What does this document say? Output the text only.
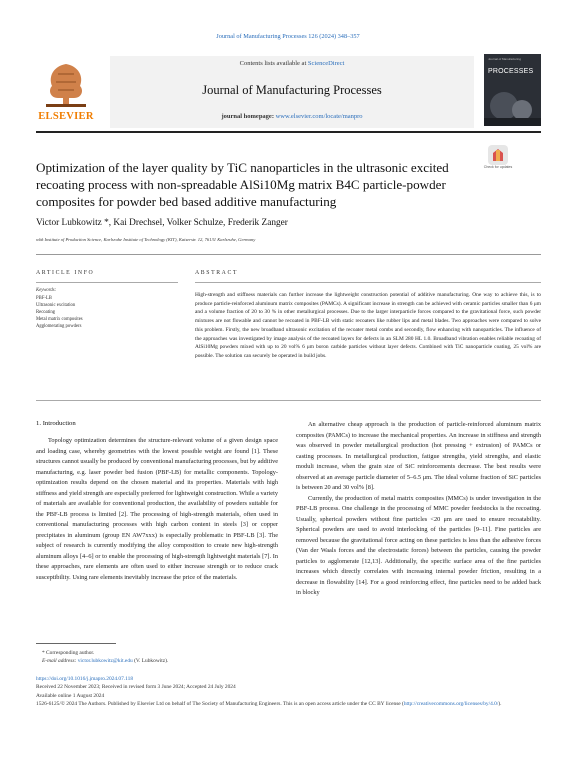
Journal of Manufacturing Processes 126 (2024) 348–357
ELSEVIER
Contents lists available at ScienceDirect
Journal of Manufacturing Processes
journal homepage: www.elsevier.com/locate/manpro
Journal of Manufacturing
PROCESSES
Check for updates
Optimization of the layer quality by TiC nanoparticles in the ultrasonic excited recoating process with non-spreadable AlSi10Mg matrix B4C particle-powder composites for powder bed based additive manufacturing
Victor Lubkowitz *, Kai Drechsel, Volker Schulze, Frederik Zanger
wbk Institute of Production Science, Karlsruhe Institute of Technology (KIT), Kaiserstr. 12, 76131 Karlsruhe, Germany
ARTICLE INFO	ABSTRACT
Keywords:
PBF-LB
Ultrasonic excitation
Recoating
Metal matrix composites
Agglomerating powders
High-strength and stiffness materials can further increase the lightweight construction potential of additive manufacturing. One way to achieve this, is to produce particle-reinforced aluminum matrix composites (PAMCs). A significant increase in strength can be achieved with ceramic particles smaller than 6 μm and a volume fraction of 20 to 30 % in other metallurgical processes. Due to the larger interparticle forces compared to the gravitational force, such powder mixtures are not flowable and cannot be recoated in PBF-LB with static recoaters like rubber lips and metal blades. Two approaches were compared to solve this problem. Firstly, the new broadband ultrasonic excitation of the recoater metal combs and secondly, flow enhancing with nanoparticles. The influence of the approaches was investigated by image analysis of the recoated layers for defects in an SLM 280 HL 1.0. Broadband vibration enables reliable recoating of AlSi10Mg powders mixed with up to 20 vol% 6 μm boron carbide particles without layer defects. Combined with TiC nanoparticle coating, 25 vol% are possible. The solution can securely be operated in build jobs.
1. Introduction

Topology optimization determines the structure-relevant volume of a given design space and loading case, whereby geometries with the lowest possible weight are found [1]. These structures cannot usually be produced by conventional manufacturing processes, but by additive manufacturing, e.g. laser powder bed fusion (PBF-LB) for metallic components. Topology-optimization results depend on the chosen material and its properties. Materials with high stiffness and yield strength are especially preferred for lightweight construction. While a variety of materials are available for conventional production, the availability of powders suitable for the PBF-LB process is limited [2]. The processing of high-strength materials, often used in conventional manufacturing processes with high carbon content in steels [3] or copper precipitates in aluminum (group EN AW7xxx) is especially problematic in PBF-LB [3]. The subject of research is currently modifying the alloy composition to create new high-strength aluminum alloys [4–6] or to enable the processing of high-strength lightweight materials [7]. In these approaches, rare elements are often used to either increase strength or to reduce crack susceptibility. Using rare elements inevitably increase the price of the materials.

An alternative cheap approach is the production of particle-reinforced aluminum matrix composites (PAMCs) to increase the mechanical properties. An increase in stiffness and strength was observed in powder metallurgical production (hot pressing + extrusion) of PAMCs or casting processes. In metallurgical production, fatigue strengths, yield strengths, and elastic moduli increase, when the grain size of SiC reinforcements decrease. The best results were observed at an average particle diameter of 5–6.5 μm. The ideal volume fraction of SiC particles is between 20 and 30 vol% [8].

Currently, the production of metal matrix composites (MMCs) is under investigation in the PBF-LB process. One challenge in the processing of MMC powder feedstocks is the recoating. Usually, spherical powders without fine particles <20 μm are used to ensure recoatability. Spherical powders are used to avoid interlocking of the particles [9–11]. Fine particles are removed because the gravitational force acting on these particles is less than the adhesive forces (Van der Waals forces and the electrostatic forces) between the particles, causing the powder particles to agglomerate [12,13]. Additionally, the specific surface area of the fine particles increases which directly correlates with increasing internal powder friction, resulting in a decrease in flowability [14]. For a good reinforcing effect, fine particles need to be added back in blocky

* Corresponding author.
E-mail address: victor.lubkowitz@kit.edu (V. Lubkowitz).
https://doi.org/10.1016/j.jmapro.2024.07.118
Received 22 November 2023; Received in revised form 3 June 2024; Accepted 24 July 2024
Available online 1 August 2024
1526-6125/© 2024 The Authors. Published by Elsevier Ltd on behalf of The Society of Manufacturing Engineers. This is an open access article under the CC BY license (http://creativecommons.org/licenses/by/4.0/).
